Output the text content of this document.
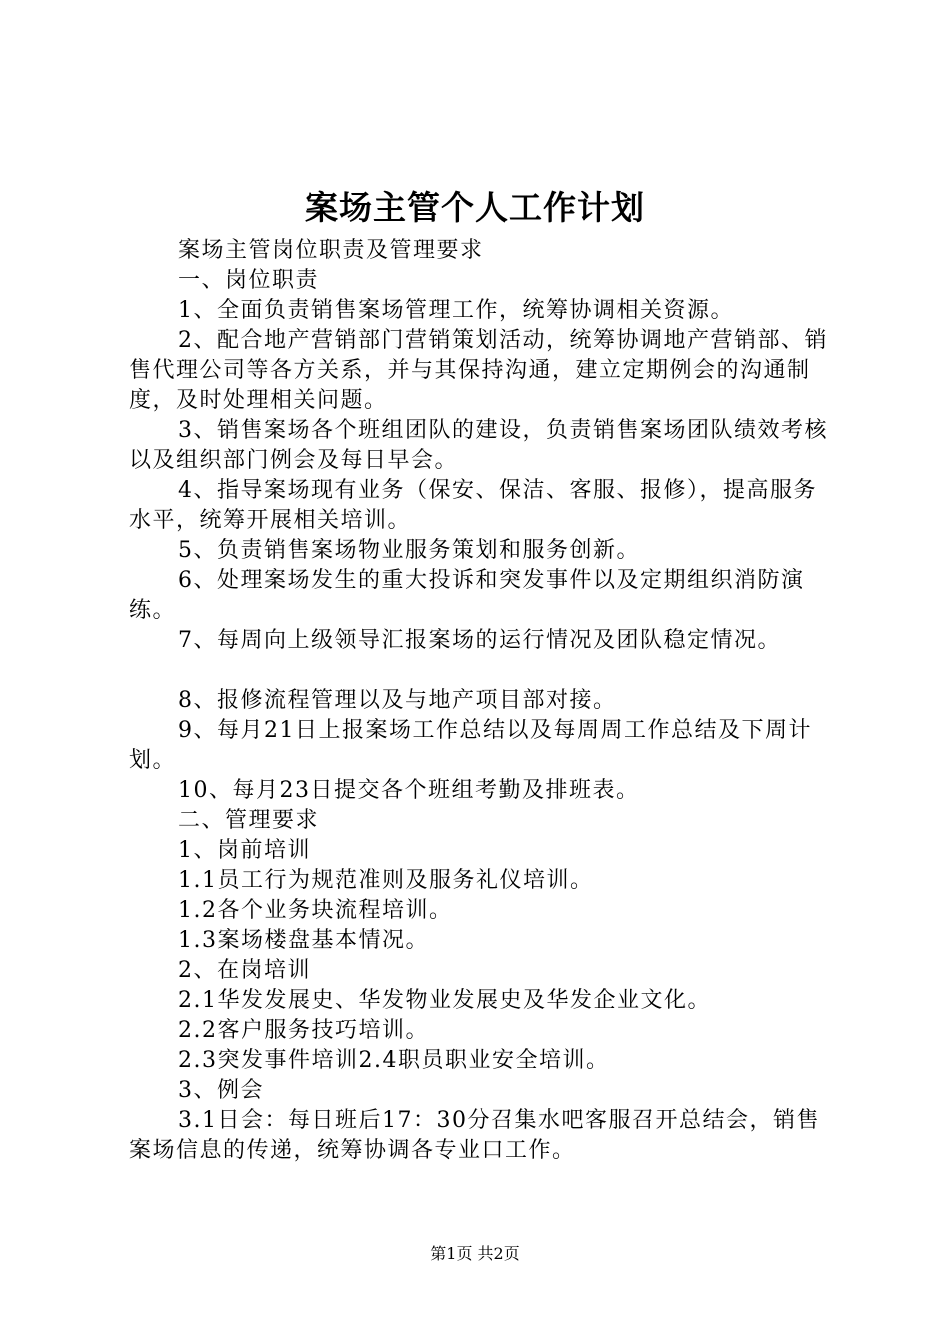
案场主管个人工作计划

案场主管岗位职责及管理要求

一、岗位职责

1、全面负责销售案场管理工作，统筹协调相关资源。

2、配合地产营销部门营销策划活动，统筹协调地产营销部、销售代理公司等各方关系，并与其保持沟通，建立定期例会的沟通制度，及时处理相关问题。

3、销售案场各个班组团队的建设，负责销售案场团队绩效考核以及组织部门例会及每日早会。

4、指导案场现有业务（保安、保洁、客服、报修），提高服务水平，统筹开展相关培训。

5、负责销售案场物业服务策划和服务创新。

6、处理案场发生的重大投诉和突发事件以及定期组织消防演练。

7、每周向上级领导汇报案场的运行情况及团队稳定情况。

8、报修流程管理以及与地产项目部对接。

9、每月21日上报案场工作总结以及每周周工作总结及下周计划。

10、每月23日提交各个班组考勤及排班表。

二、管理要求

1、岗前培训

1.1员工行为规范准则及服务礼仪培训。

1.2各个业务块流程培训。

1.3案场楼盘基本情况。

2、在岗培训

2.1华发发展史、华发物业发展史及华发企业文化。

2.2客户服务技巧培训。

2.3突发事件培训2.4职员职业安全培训。

3、例会

3.1日会：每日班后17：30分召集水吧客服召开总结会，销售案场信息的传递，统筹协调各专业口工作。

第1页 共2页
